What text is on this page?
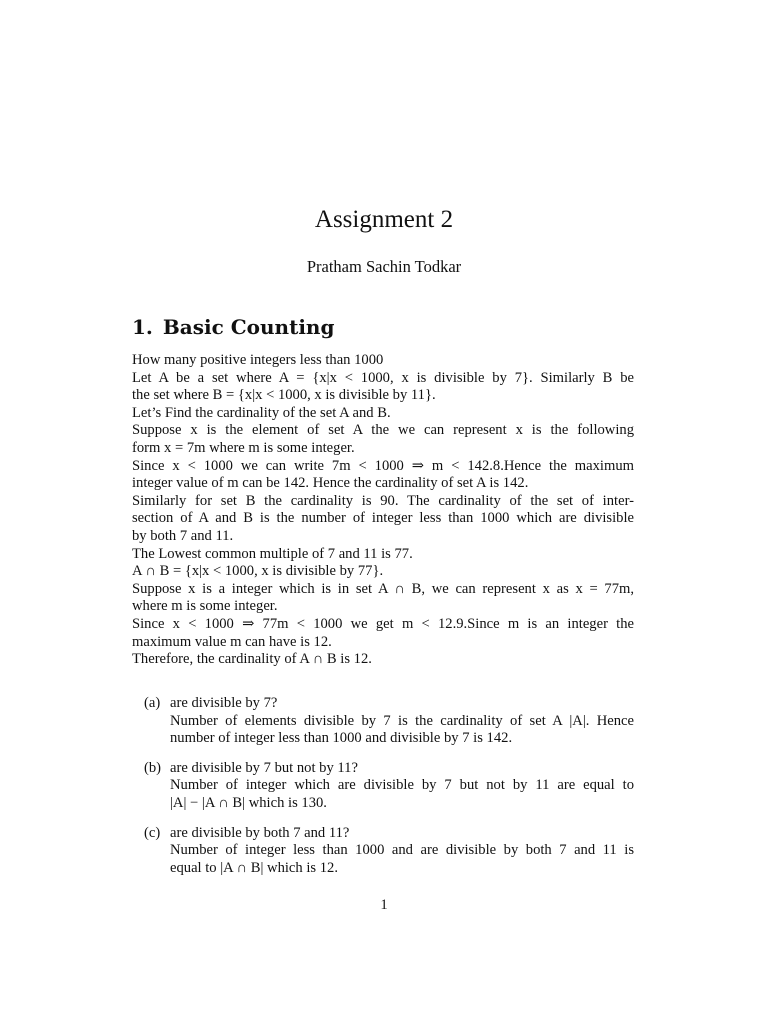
Assignment 2
Pratham Sachin Todkar
1. Basic Counting
How many positive integers less than 1000
Let A be a set where A = {x|x < 1000, x is divisible by 7}. Similarly B be
the set where B = {x|x < 1000, x is divisible by 11}.
Let’s Find the cardinality of the set A and B.
Suppose x is the element of set A the we can represent x is the following
form x = 7m where m is some integer.
Since x < 1000 we can write 7m < 1000 ⇒ m < 142.8.Hence the maximum
integer value of m can be 142. Hence the cardinality of set A is 142.
Similarly for set B the cardinality is 90. The cardinality of the set of inter-
section of A and B is the number of integer less than 1000 which are divisible
by both 7 and 11.
The Lowest common multiple of 7 and 11 is 77.
A ∩ B = {x|x < 1000, x is divisible by 77}.
Suppose x is a integer which is in set A ∩ B, we can represent x as x = 77m,
where m is some integer.
Since x < 1000 ⇒ 77m < 1000 we get m < 12.9.Since m is an integer the
maximum value m can have is 12.
Therefore, the cardinality of A ∩ B is 12.
(a) are divisible by 7?
Number of elements divisible by 7 is the cardinality of set A |A|. Hence
number of integer less than 1000 and divisible by 7 is 142.
(b) are divisible by 7 but not by 11?
Number of integer which are divisible by 7 but not by 11 are equal to
|A| − |A ∩ B| which is 130.
(c) are divisible by both 7 and 11?
Number of integer less than 1000 and are divisible by both 7 and 11 is
equal to |A ∩ B| which is 12.
1
